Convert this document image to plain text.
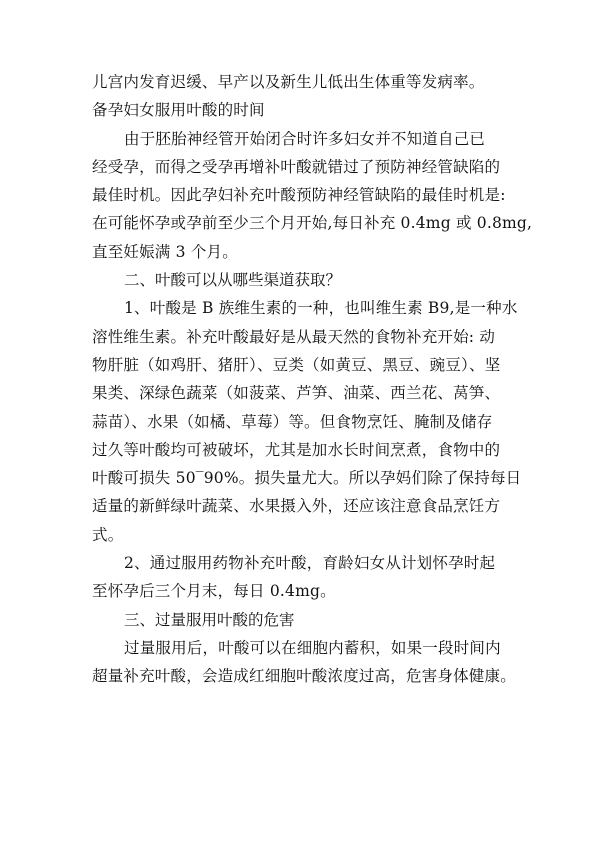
儿宫内发育迟缓、早产以及新生儿低出生体重等发病率。
备孕妇女服用叶酸的时间
由于胚胎神经管开始闭合时许多妇女并不知道自己已
经受孕，而得之受孕再增补叶酸就错过了预防神经管缺陷的
最佳时机。因此孕妇补充叶酸预防神经管缺陷的最佳时机是:
在可能怀孕或孕前至少三个月开始,每日补充 0.4mg 或 0.8mg,
直至妊娠满 3 个月。
二、叶酸可以从哪些渠道获取？
1、叶酸是 B 族维生素的一种，也叫维生素 B9,是一种水
溶性维生素。补充叶酸最好是从最天然的食物补充开始: 动
物肝脏（如鸡肝、猪肝）、豆类（如黄豆、黑豆、豌豆）、坚
果类、深绿色蔬菜（如菠菜、芦笋、油菜、西兰花、莴笋、
蒜苗）、水果（如橘、草莓）等。但食物烹饪、腌制及储存
过久等叶酸均可被破坏，尤其是加水长时间烹煮，食物中的
叶酸可损失 50‾90%。损失量尤大。所以孕妈们除了保持每日
适量的新鲜绿叶蔬菜、水果摄入外，还应该注意食品烹饪方
式。
2、通过服用药物补充叶酸，育龄妇女从计划怀孕时起
至怀孕后三个月末，每日 0.4mg。
三、过量服用叶酸的危害
过量服用后，叶酸可以在细胞内蓄积，如果一段时间内
超量补充叶酸，会造成红细胞叶酸浓度过高，危害身体健康。
